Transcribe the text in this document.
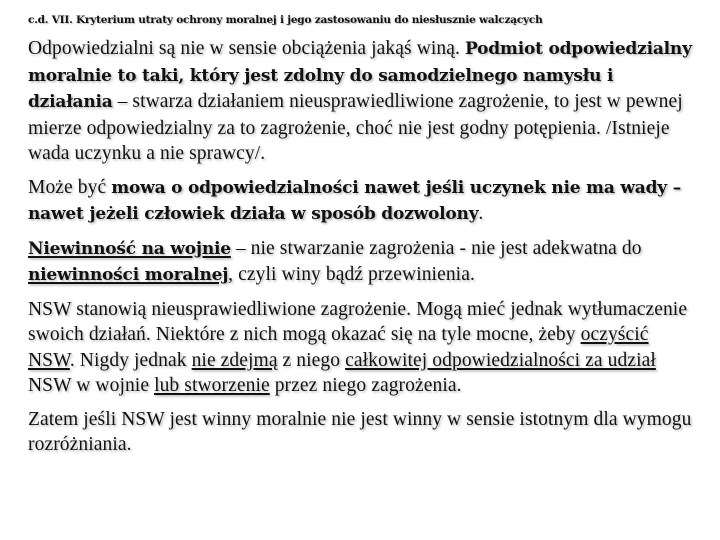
c.d. VII. Kryterium utraty ochrony moralnej i jego zastosowaniu do niesłusznie walczących

Odpowiedzialni są nie w sensie obciążenia jakąś winą. Podmiot odpowiedzialny moralnie to taki, który jest zdolny do samodzielnego namysłu i działania – stwarza działaniem nieusprawiedliwione zagrożenie, to jest w pewnej mierze odpowiedzialny za to zagrożenie, choć nie jest godny potępienia. /Istnieje wada uczynku a nie sprawcy/.

Może być mowa o odpowiedzialności nawet jeśli uczynek nie ma wady – nawet jeżeli człowiek działa w sposób dozwolony.

Niewinność na wojnie – nie stwarzanie zagrożenia - nie jest adekwatna do niewinności moralnej, czyli winy bądź przewinienia.

NSW stanowią nieusprawiedliwione zagrożenie. Mogą mieć jednak wytłumaczenie swoich działań. Niektóre z nich mogą okazać się na tyle mocne, żeby oczyścić NSW. Nigdy jednak nie zdejmą z niego całkowitej odpowiedzialności za udział NSW w wojnie lub stworzenie przez niego zagrożenia.

Zatem jeśli NSW jest winny moralnie nie jest winny w sensie istotnym dla wymogu rozróżniania.
